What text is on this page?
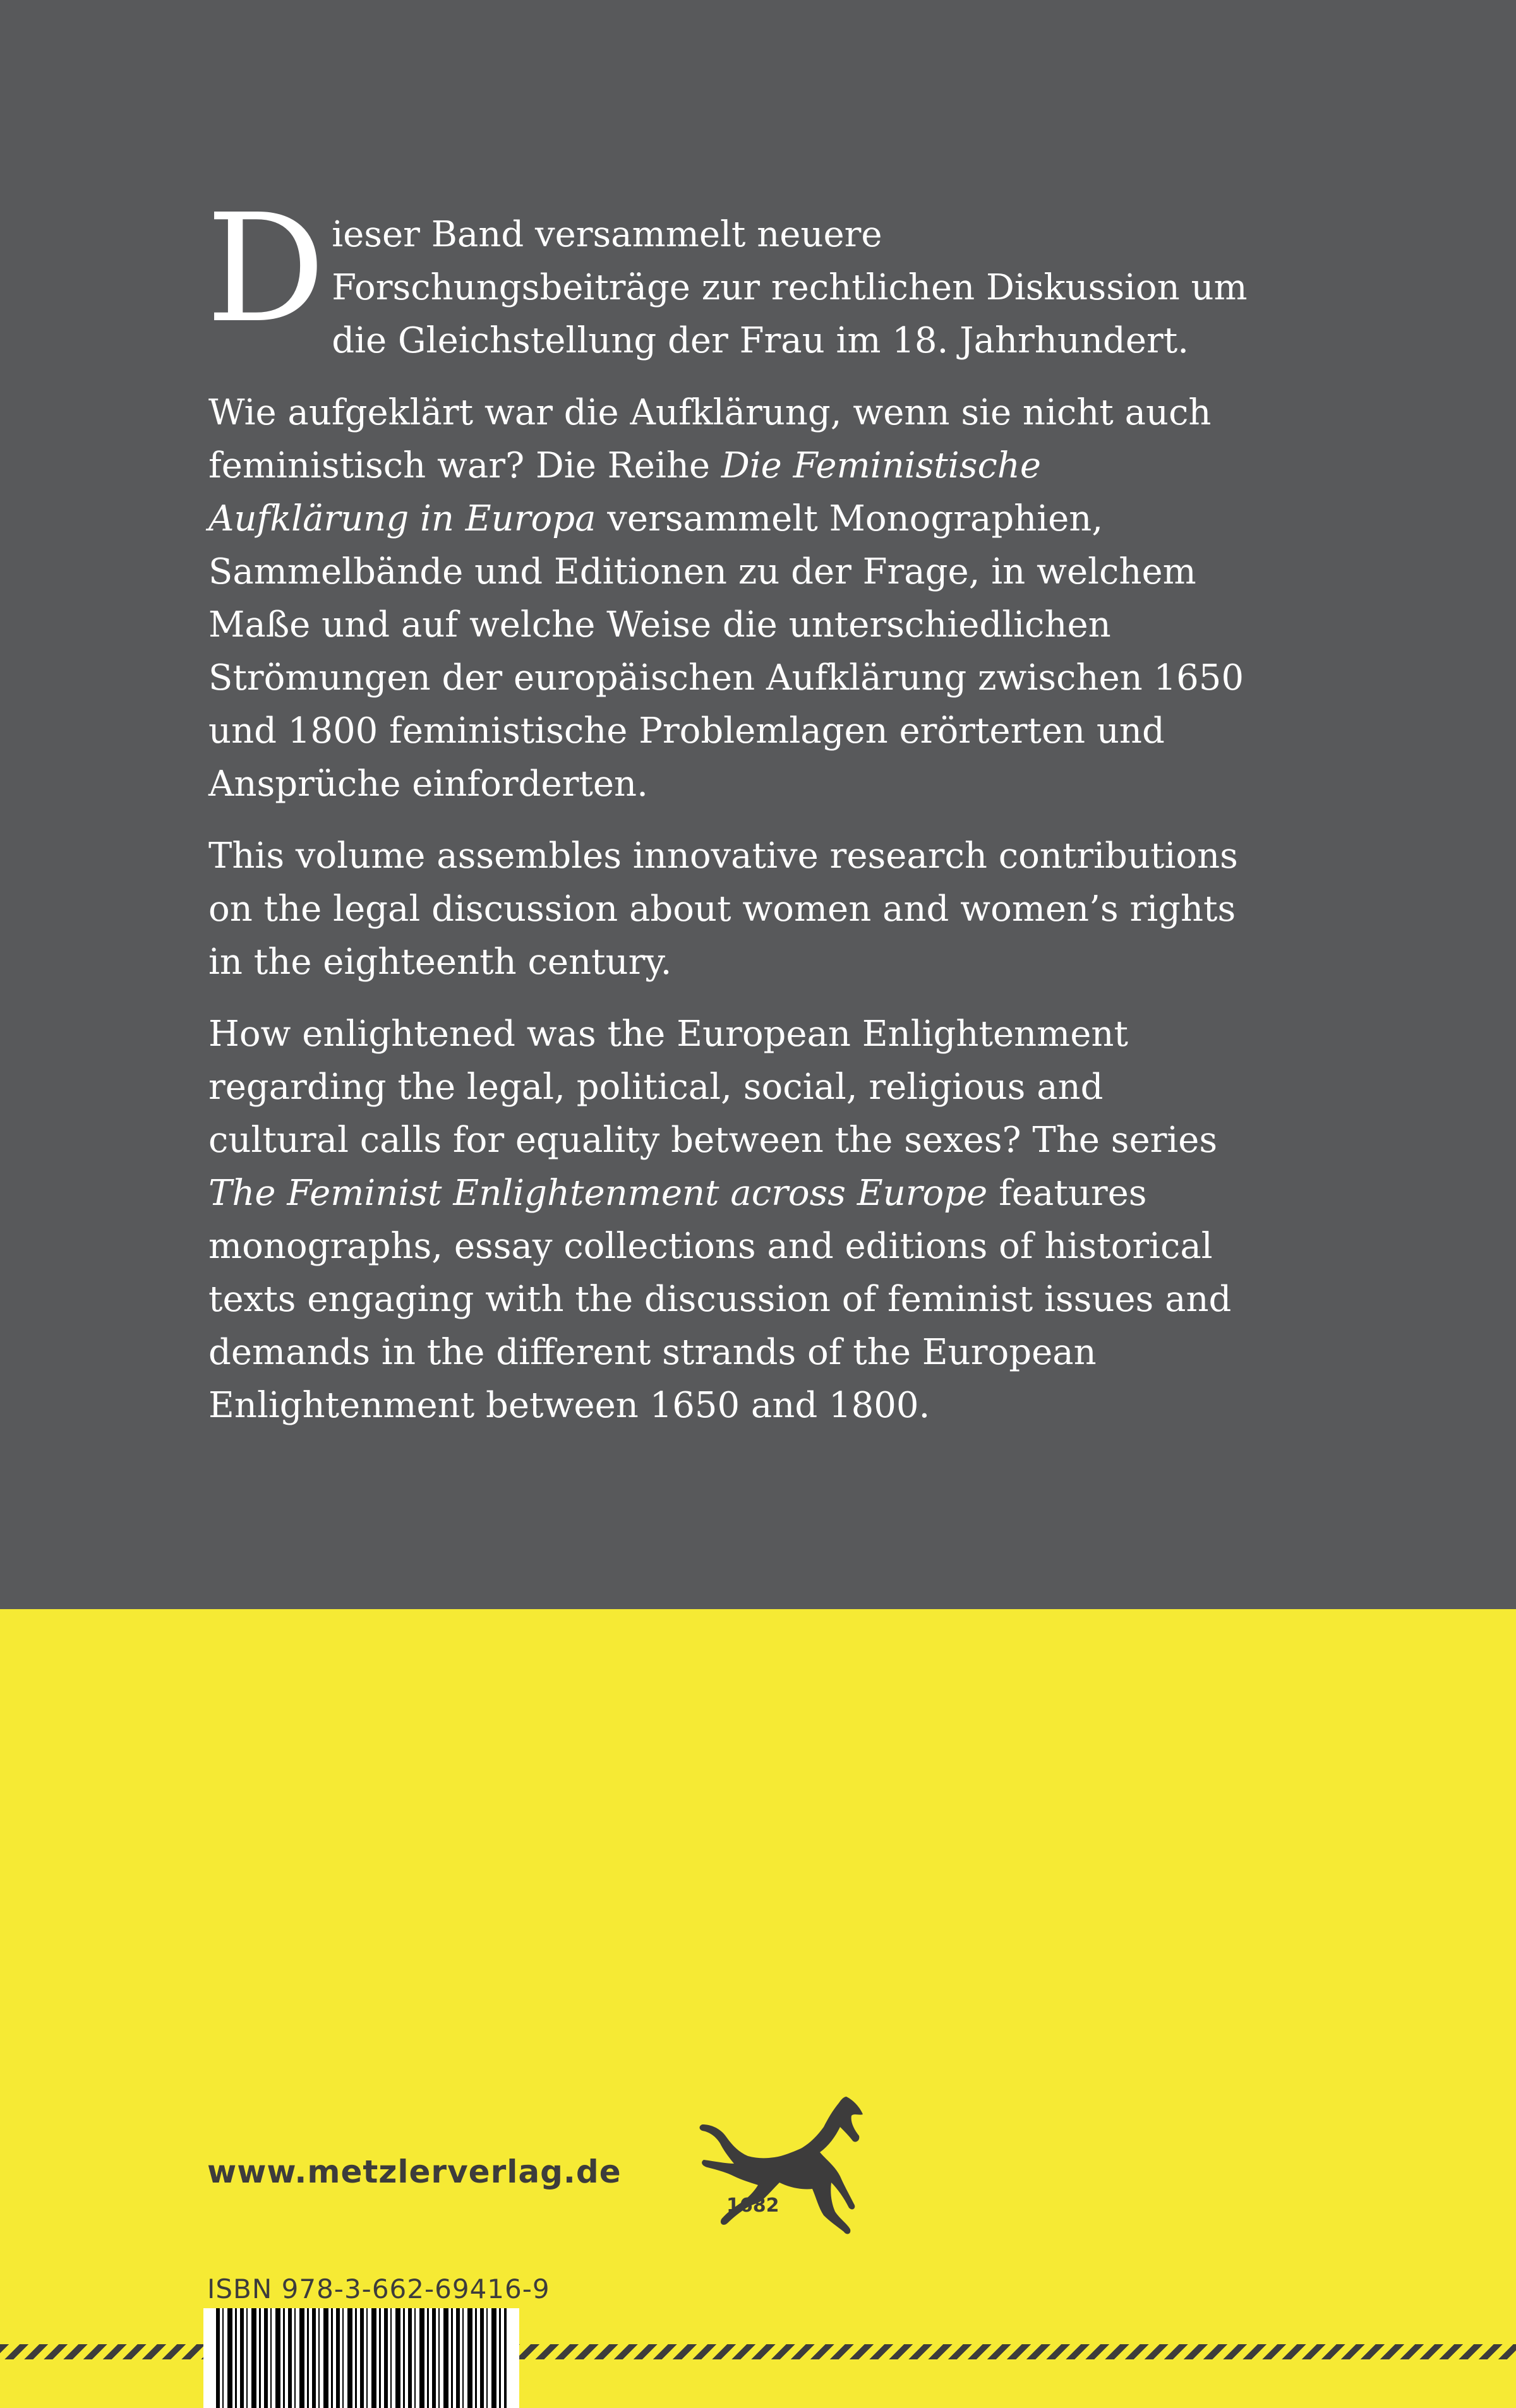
Dieser Band versammelt neuere Forschungsbeiträge zur rechtlichen Diskussion um die Gleichstellung der Frau im 18. Jahrhundert.

Wie aufgeklärt war die Aufklärung, wenn sie nicht auch feministisch war? Die Reihe Die Feministische Aufklärung in Europa versammelt Monographien, Sammelbände und Editionen zu der Frage, in welchem Maße und auf welche Weise die unterschiedlichen Strömungen der europäischen Aufklärung zwischen 1650 und 1800 feministische Problemlagen erörterten und Ansprüche einforderten.

This volume assembles innovative research contributions on the legal discussion about women and women’s rights in the eighteenth century.

How enlightened was the European Enlightenment regarding the legal, political, social, religious and cultural calls for equality between the sexes? The series The Feminist Enlightenment across Europe features monographs, essay collections and editions of historical texts engaging with the discussion of feminist issues and demands in the different strands of the European Enlightenment between 1650 and 1800.

www.metzlerverlag.de
1682
ISBN 978-3-662-69416-9
